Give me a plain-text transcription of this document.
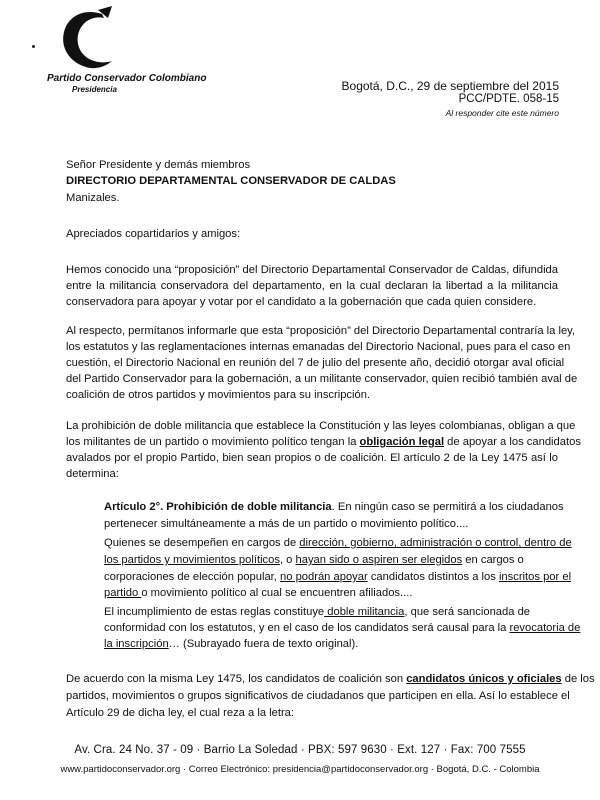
Partido Conservador Colombiano
Presidencia	Bogotá, D.C., 29 de septiembre del 2015
PCC/PDTE. 058-15
Al responder cite este número
Señor Presidente y demás miembros
DIRECTORIO DEPARTAMENTAL CONSERVADOR DE CALDAS
Manizales.
Apreciados copartidarios y amigos:
Hemos conocido una “proposición” del Directorio Departamental Conservador de Caldas, difundida
entre la militancia conservadora del departamento, en la cual declaran la libertad a la militancia
conservadora para apoyar y votar por el candidato a la gobernación que cada quien considere.
Al respecto, permítanos informarle que esta “proposición” del Directorio Departamental contraría la ley,
los estatutos y las reglamentaciones internas emanadas del Directorio Nacional, pues para el caso en
cuestión, el Directorio Nacional en reunión del 7 de julio del presente año, decidió otorgar aval oficial
del Partido Conservador para la gobernación, a un militante conservador, quien recibió también aval de
coalición de otros partidos y movimientos para su inscripción.
La prohibición de doble militancia que establece la Constitución y las leyes colombianas, obligan a que
los militantes de un partido o movimiento político tengan la obligación legal de apoyar a los candidatos
avalados por el propio Partido, bien sean propios o de coalición. El artículo 2 de la Ley 1475 así lo
determina:
Artículo 2°. Prohibición de doble militancia. En ningún caso se permitirá a los ciudadanos
pertenecer simultáneamente a más de un partido o movimiento político....
Quienes se desempeñen en cargos de dirección, gobierno, administración o control, dentro de
los partidos y movimientos políticos, o hayan sido o aspiren ser elegidos en cargos o
corporaciones de elección popular, no podrán apoyar candidatos distintos a los inscritos por el
partido o movimiento político al cual se encuentren afiliados....
El incumplimiento de estas reglas constituye doble militancia, que será sancionada de
conformidad con los estatutos, y en el caso de los candidatos será causal para la revocatoria de
la inscripción… (Subrayado fuera de texto original).
De acuerdo con la misma Ley 1475, los candidatos de coalición son candidatos únicos y oficiales de los
partidos, movimientos o grupos significativos de ciudadanos que participen en ella. Así lo establece el
Artículo 29 de dicha ley, el cual reza a la letra:
Av. Cra. 24 No. 37 - 09 · Barrio La Soledad · PBX: 597 9630 · Ext. 127 · Fax: 700 7555
www.partidoconservador.org · Correo Electrónico: presidencia@partidoconservador.org · Bogotá, D.C. - Colombia
